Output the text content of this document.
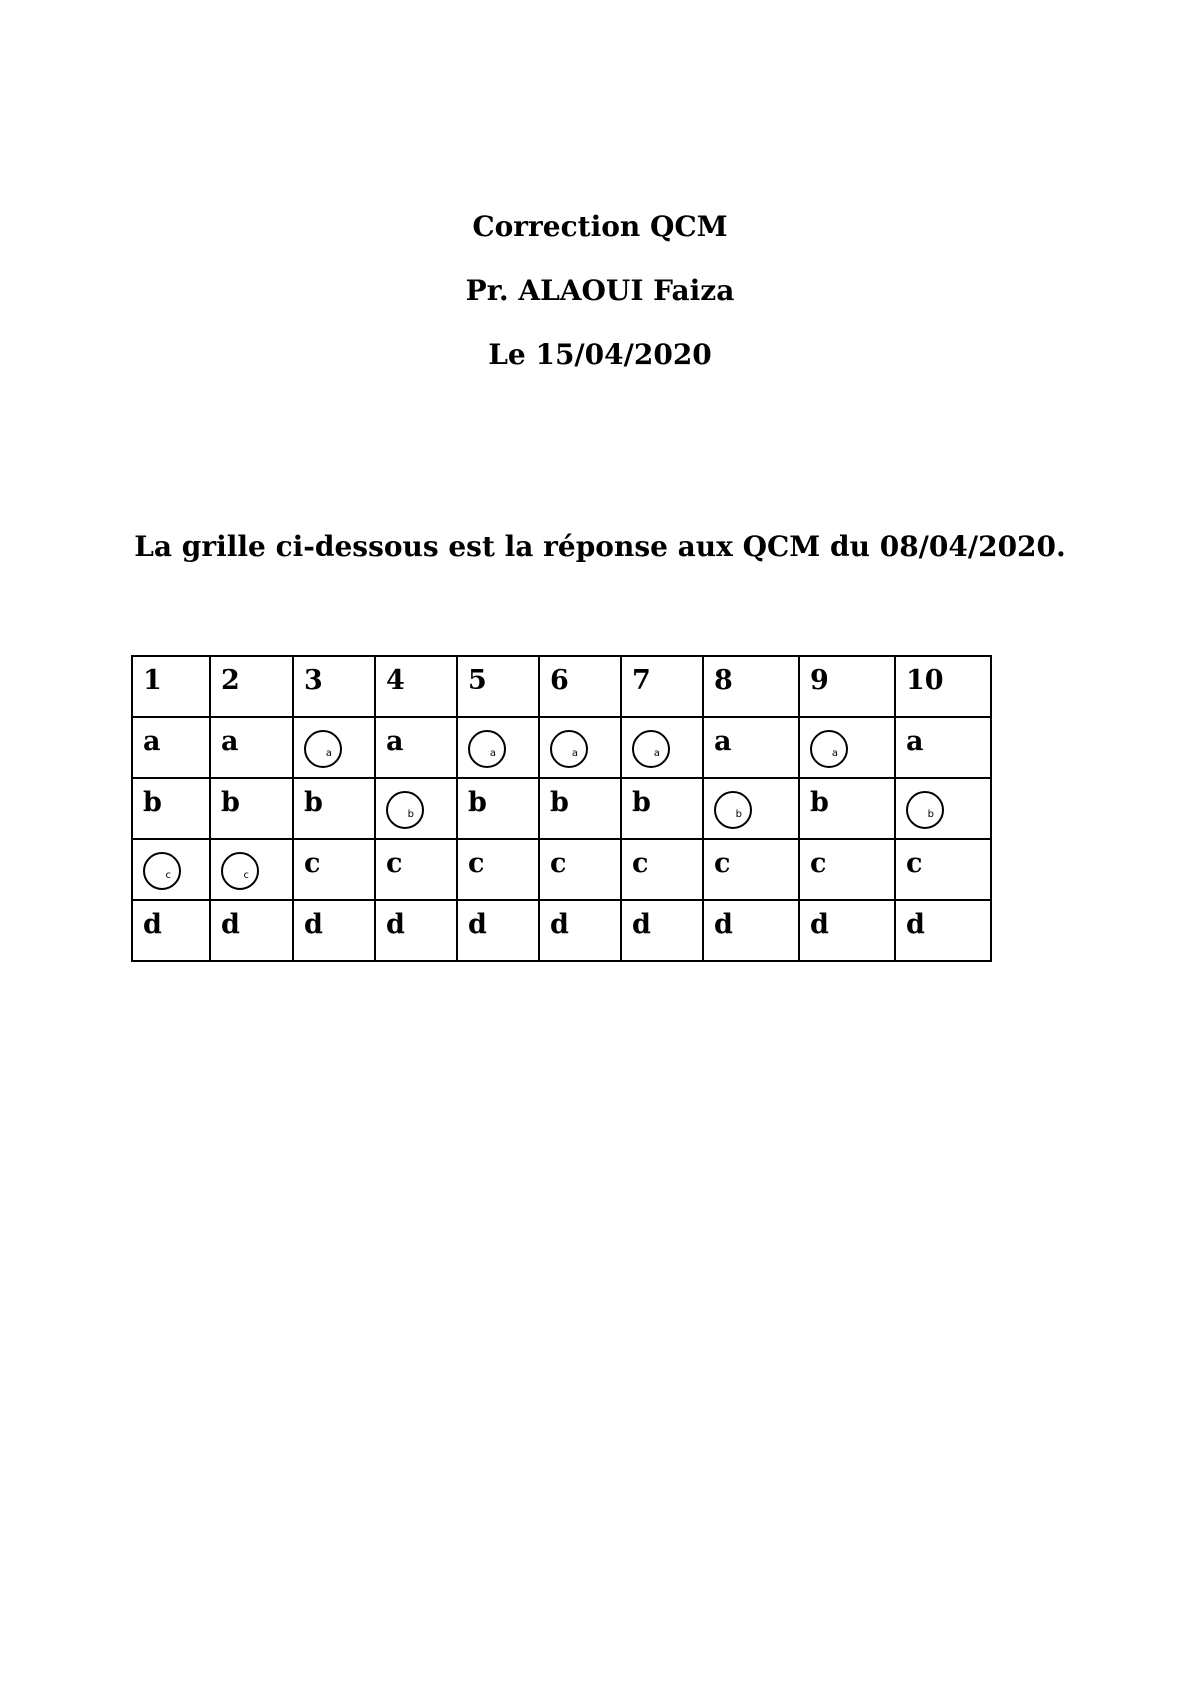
Correction QCM

Pr. ALAOUI Faiza

Le 15/04/2020

La grille ci-dessous est la réponse aux QCM du 08/04/2020.

1	2	3	4	5	6	7	8	9	10

a	a	a	a	a	a	a	a	a	a

b	b	b	b	b	b	b	b	b	b

c	c	c	c	c	c	c	c	c	c

d	d	d	d	d	d	d	d	d	d
